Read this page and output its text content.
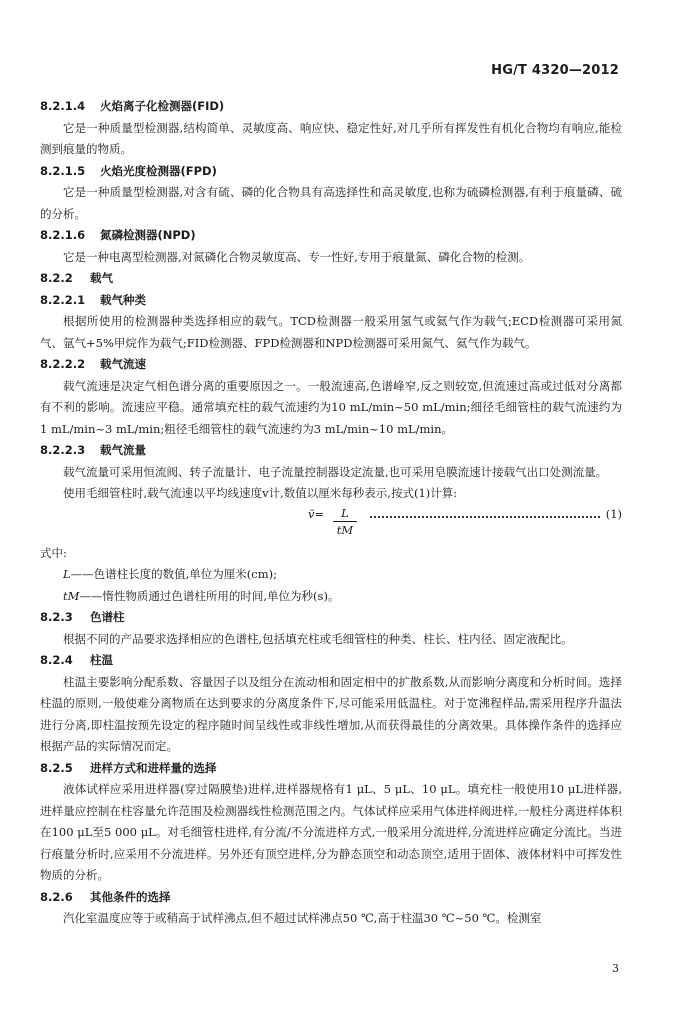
HG/T 4320—2012
8.2.1.4 火焰离子化检测器(FID)
它是一种质量型检测器,结构简单、灵敏度高、响应快、稳定性好,对几乎所有挥发性有机化合物均有响应,能检测到痕量的物质。
8.2.1.5 火焰光度检测器(FPD)
它是一种质量型检测器,对含有硫、磷的化合物具有高选择性和高灵敏度,也称为硫磷检测器,有利于痕量磷、硫的分析。
8.2.1.6 氮磷检测器(NPD)
它是一种电离型检测器,对氮磷化合物灵敏度高、专一性好,专用于痕量氮、磷化合物的检测。
8.2.2 载气
8.2.2.1 载气种类
根据所使用的检测器种类选择相应的载气。TCD检测器一般采用氢气或氦气作为载气;ECD检测器可采用氮气、氩气+5%甲烷作为载气;FID检测器、FPD检测器和NPD检测器可采用氮气、氦气作为载气。
8.2.2.2 载气流速
载气流速是决定气相色谱分离的重要原因之一。一般流速高,色谱峰窄,反之则较宽,但流速过高或过低对分离都有不利的影响。流速应平稳。通常填充柱的载气流速约为10 mL/min~50 mL/min;细径毛细管柱的载气流速约为1 mL/min~3 mL/min;粗径毛细管柱的载气流速约为3 mL/min~10 mL/min。
8.2.2.3 载气流量
载气流量可采用恒流阀、转子流量计、电子流量控制器设定流量,也可采用皂膜流速计接载气出口处测流量。
使用毛细管柱时,载气流速以平均线速度v计,数值以厘米每秒表示,按式(1)计算:
v̄= $\frac{L}{tM}$	(1)
式中:
L——色谱柱长度的数值,单位为厘米(cm);
tM——惰性物质通过色谱柱所用的时间,单位为秒(s)。
8.2.3 色谱柱
根据不同的产品要求选择相应的色谱柱,包括填充柱或毛细管柱的种类、柱长、柱内径、固定液配比。
8.2.4 柱温
柱温主要影响分配系数、容量因子以及组分在流动相和固定相中的扩散系数,从而影响分离度和分析时间。选择柱温的原则,一般使难分离物质在达到要求的分离度条件下,尽可能采用低温柱。对于宽沸程样品,需采用程序升温法进行分离,即柱温按预先设定的程序随时间呈线性或非线性增加,从而获得最佳的分离效果。具体操作条件的选择应根据产品的实际情况而定。
8.2.5 进样方式和进样量的选择
液体试样应采用进样器(穿过隔膜垫)进样,进样器规格有1 μL、5 μL、10 μL。填充柱一般使用10 μL进样器,进样量应控制在柱容量允许范围及检测器线性检测范围之内。气体试样应采用气体进样阀进样,一般柱分离进样体积在100 μL至5 000 μL。对毛细管柱进样,有分流/不分流进样方式,一般采用分流进样,分流进样应确定分流比。当进行痕量分析时,应采用不分流进样。另外还有顶空进样,分为静态顶空和动态顶空,适用于固体、液体材料中可挥发性物质的分析。
8.2.6 其他条件的选择
汽化室温度应等于或稍高于试样沸点,但不超过试样沸点50 ℃,高于柱温30 ℃~50 ℃。检测室
3
